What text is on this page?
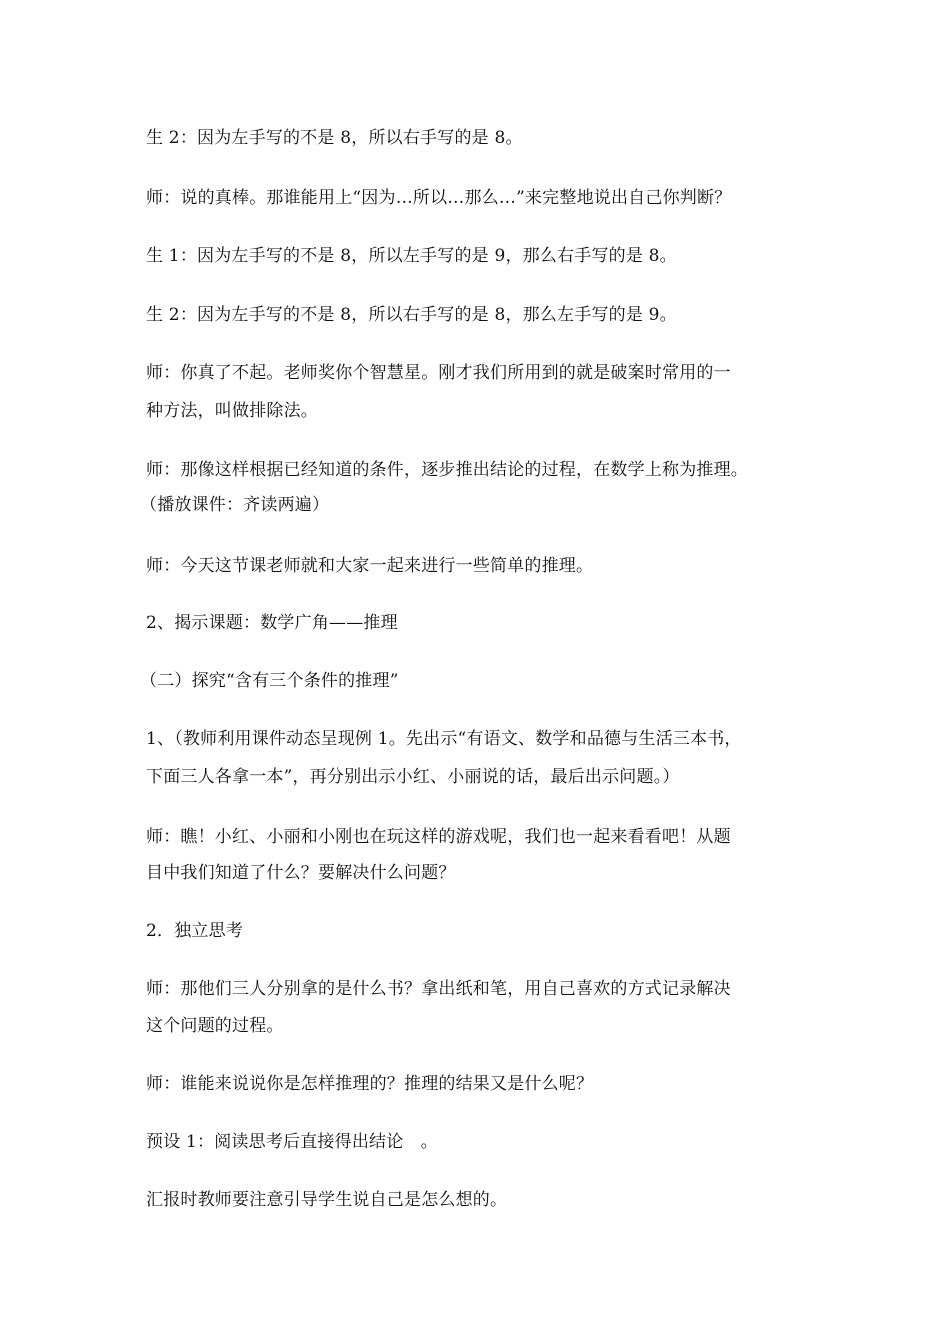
生 2：因为左手写的不是 8，所以右手写的是 8。
师：说的真棒。那谁能用上“因为…所以…那么…”来完整地说出自己你判断？
生 1：因为左手写的不是 8，所以左手写的是 9，那么右手写的是 8。
生 2：因为左手写的不是 8，所以右手写的是 8，那么左手写的是 9。
师：你真了不起。老师奖你个智慧星。刚才我们所用到的就是破案时常用的一
种方法，叫做排除法。
师：那像这样根据已经知道的条件，逐步推出结论的过程，在数学上称为推理。
（播放课件：齐读两遍）
师：今天这节课老师就和大家一起来进行一些简单的推理。
2、揭示课题：数学广角——推理
（二）探究“含有三个条件的推理”
1、（教师利用课件动态呈现例 1。先出示“有语文、数学和品德与生活三本书，
下面三人各拿一本”，再分别出示小红、小丽说的话，最后出示问题。）
师：瞧！小红、小丽和小刚也在玩这样的游戏呢，我们也一起来看看吧！从题
目中我们知道了什么？要解决什么问题？
2．独立思考
师：那他们三人分别拿的是什么书？拿出纸和笔，用自己喜欢的方式记录解决
这个问题的过程。
师：谁能来说说你是怎样推理的？推理的结果又是什么呢？
预设 1：阅读思考后直接得出结论　。
汇报时教师要注意引导学生说自己是怎么想的。
